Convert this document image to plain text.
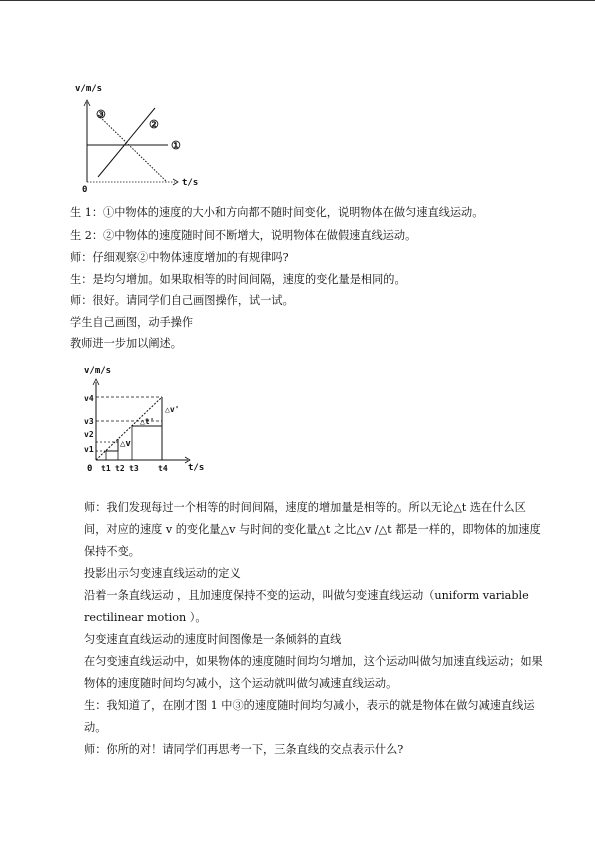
v/m/s
t/s
0
③
②
①
生 1：①中物体的速度的大小和方向都不随时间变化，说明物体在做匀速直线运动。
生 2：②中物体的速度随时间不断增大，说明物体在做假速直线运动。
师：仔细观察②中物体速度增加的有规律吗?
生：是均匀增加。如果取相等的时间间隔，速度的变化量是相同的。
师：很好。请同学们自己画图操作，试一试。
学生自己画图，动手操作
教师进一步加以阐述。
v/m/s
t/s
0
v4
v3
v2
v1
t1 t2 t3 t4
△v
△v'
△t'
师：我们发现每过一个相等的时间间隔，速度的增加量是相等的。所以无论△t 选在什么区间，对应的速度 v 的变化量△v 与时间的变化量△t 之比△v /△t 都是一样的，即物体的加速度保持不变。
投影出示匀变速直线运动的定义
沿着一条直线运动 ，且加速度保持不变的运动，叫做匀变速直线运动（uniform variable rectilinear motion ）。
匀变速直直线运动的速度时间图像是一条倾斜的直线
在匀变速直线运动中，如果物体的速度随时间均匀增加，这个运动叫做匀加速直线运动；如果物体的速度随时间均匀减小，这个运动就叫做匀减速直线运动。
生：我知道了，在刚才图 1 中③的速度随时间均匀减小，表示的就是物体在做匀减速直线运动。
师：你所的对！请同学们再思考一下，三条直线的交点表示什么?
